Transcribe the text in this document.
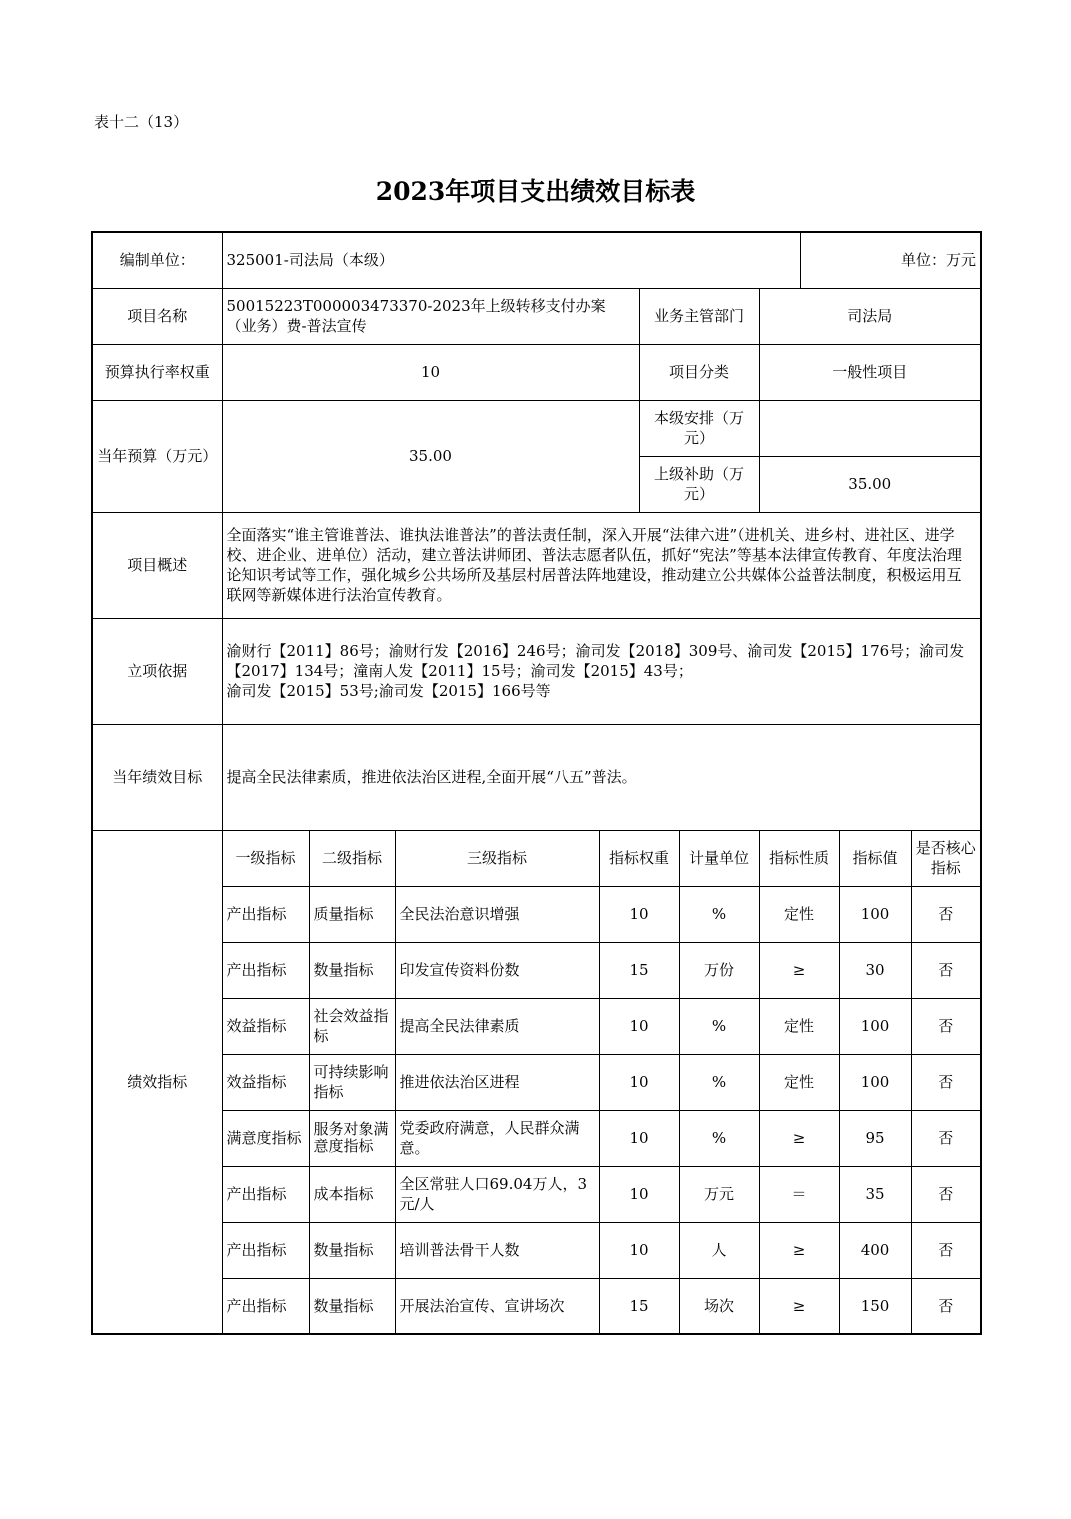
表十二（13）
2023年项目支出绩效目标表
编制单位：	325001-司法局（本级）							单位：万元		
项目名称	50015223T000003473370-2023年上级转移支付办案（业务）费-普法宣传				业务主管部门		司法局			
预算执行率权重	10				项目分类		一般性项目			
当年预算（万元）	35.00				本级安排（万元）					
					上级补助（万元）		35.00			
项目概述	全面落实“谁主管谁普法、谁执法谁普法”的普法责任制，深入开展“法律六进”（进机关、进乡村、进社区、进学校、进企业、进单位）活动，建立普法讲师团、普法志愿者队伍，抓好“宪法”等基本法律宣传教育、年度法治理论知识考试等工作，强化城乡公共场所及基层村居普法阵地建设，推动建立公共媒体公益普法制度，积极运用互联网等新媒体进行法治宣传教育。									
立项依据	渝财行【2011】86号；渝财行发【2016】246号；渝司发【2018】309号、渝司发【2015】176号；渝司发【2017】134号；潼南人发【2011】15号；渝司发【2015】43号；
渝司发【2015】53号;渝司发【2015】166号等									

当年绩效目标	提高全民法律素质，推进依法治区进程,全面开展“八五”普法。									
绩效指标	一级指标	二级指标	三级指标	指标权重		计量单位	指标性质		指标值	是否核心指标
	产出指标	质量指标	全民法治意识增强	10		%	定性		100	否
	产出指标	数量指标	印发宣传资料份数	15		万份	≥		30	否
	效益指标	社会效益指标	提高全民法律素质	10		%	定性		100	否
	效益指标	可持续影响指标	推进依法治区进程	10		%	定性		100	否
	满意度指标	服务对象满意度指标	党委政府满意，人民群众满意。	10		%	≥		95	否
	产出指标	成本指标	全区常驻人口69.04万人，3元/人	10		万元	＝		35	否
	产出指标	数量指标	培训普法骨干人数	10		人	≥		400	否
	产出指标	数量指标	开展法治宣传、宣讲场次	15		场次	≥		150	否
